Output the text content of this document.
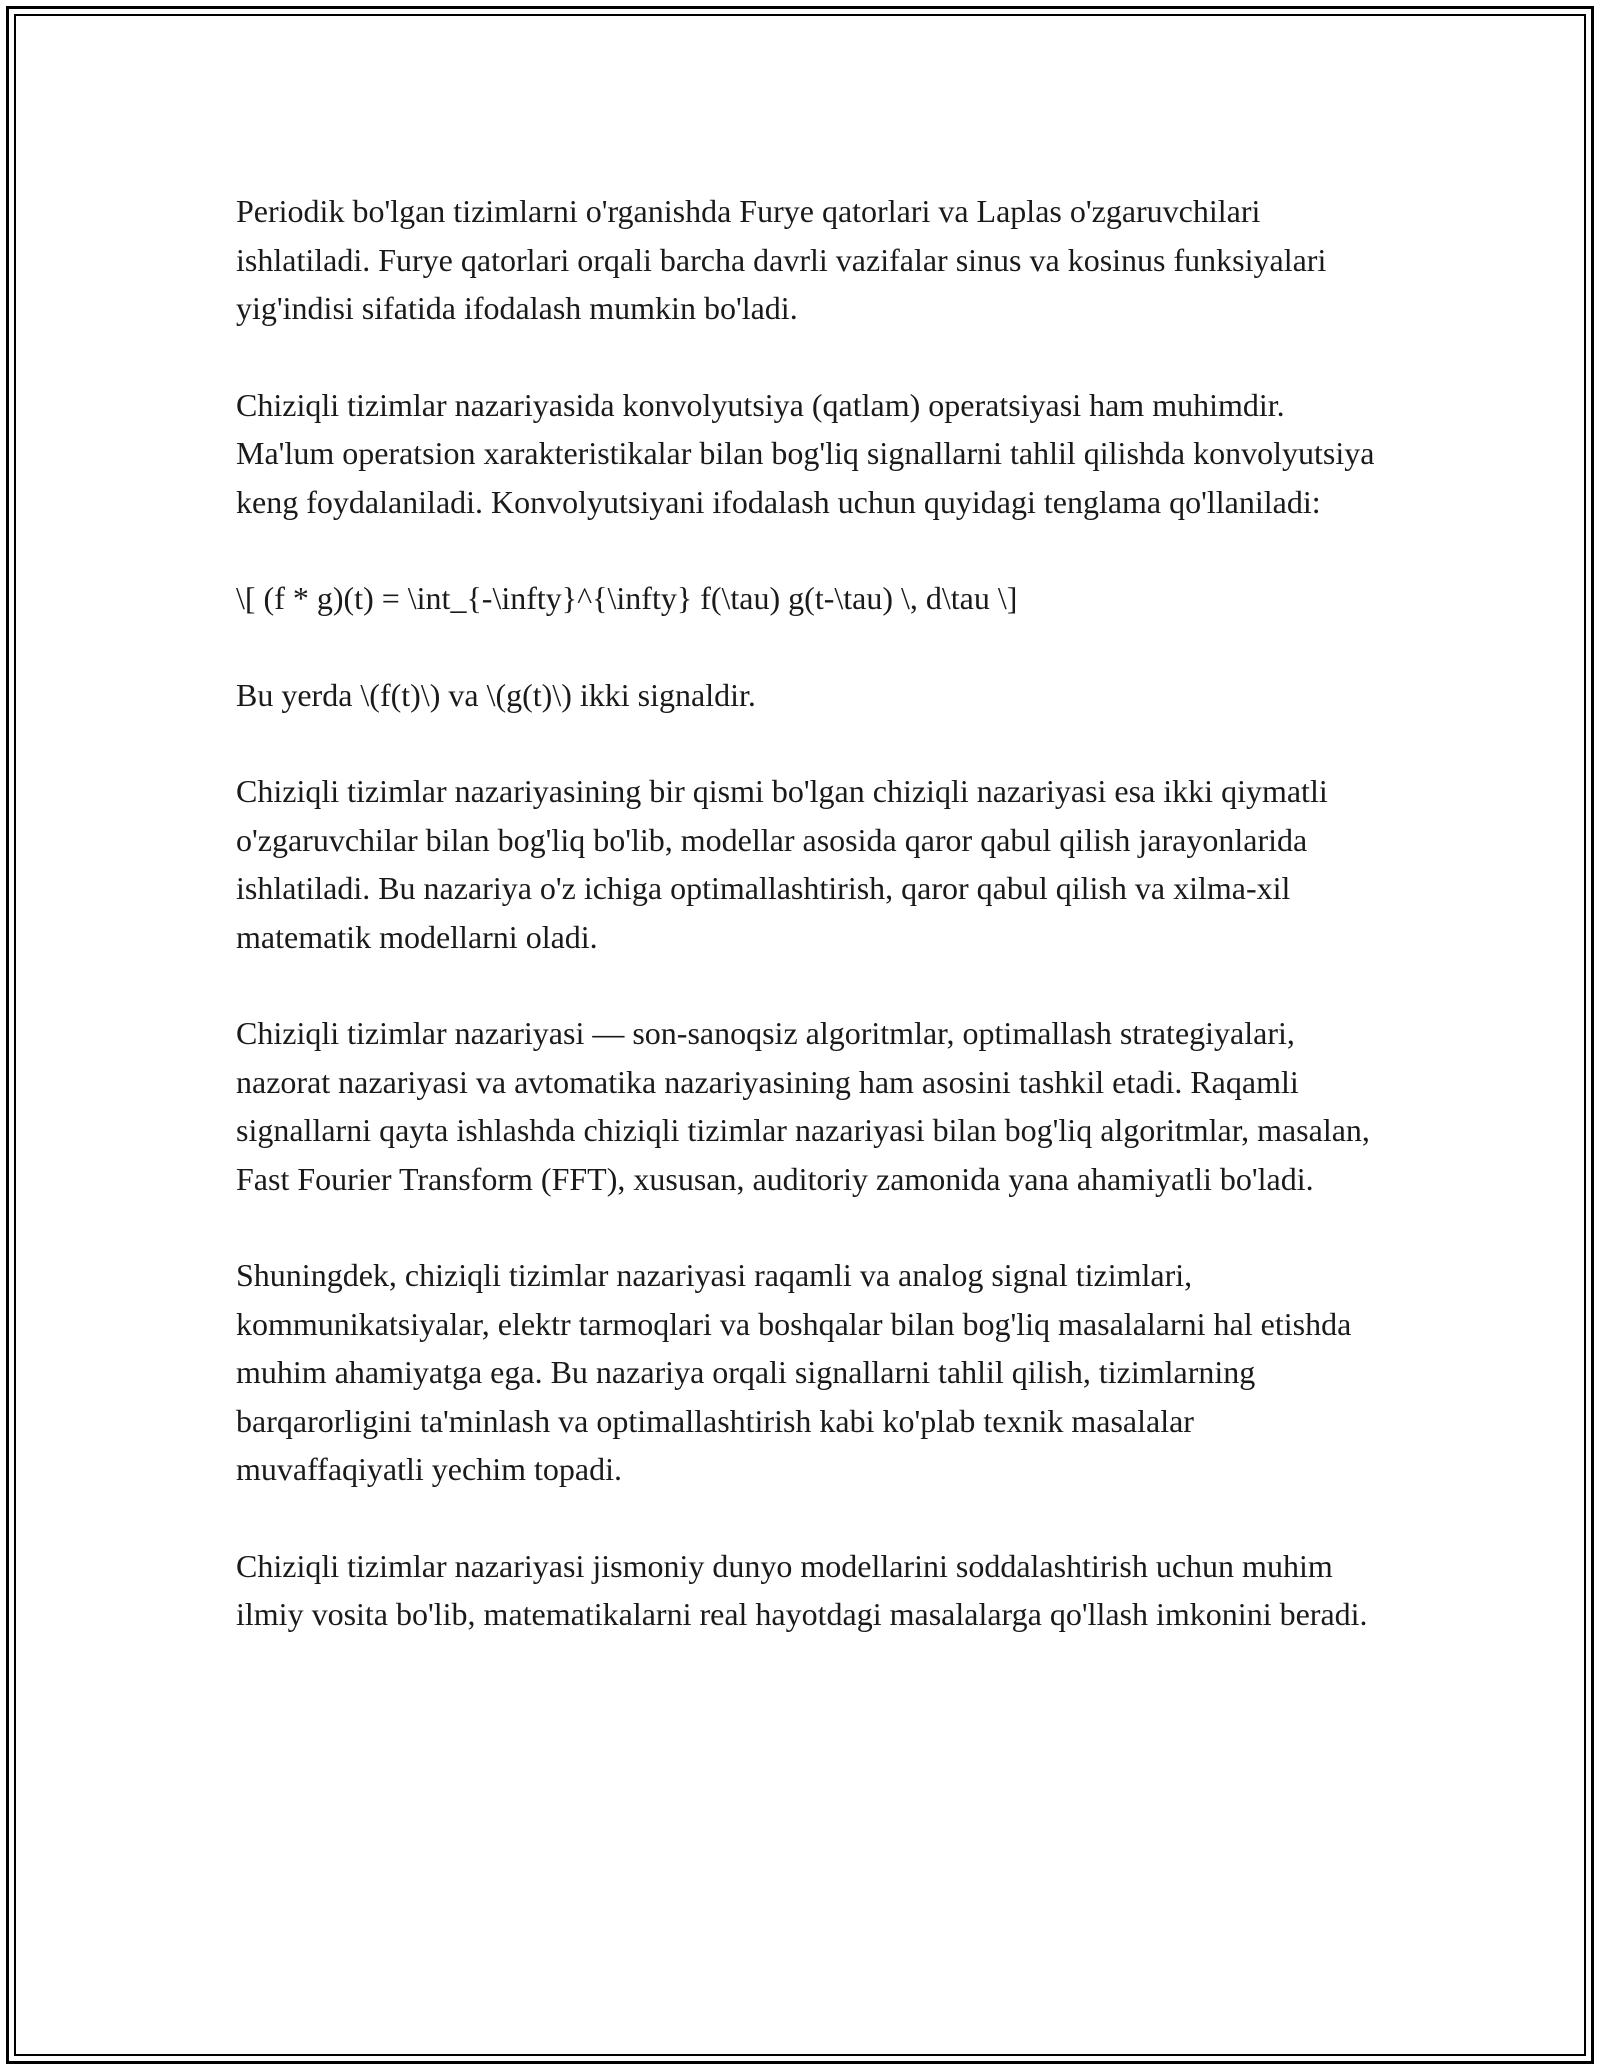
Periodik bo'lgan tizimlarni o'rganishda Furye qatorlari va Laplas o'zgaruvchilari ishlatiladi. Furye qatorlari orqali barcha davrli vazifalar sinus va kosinus funksiyalari yig'indisi sifatida ifodalash mumkin bo'ladi.

Chiziqli tizimlar nazariyasida konvolyutsiya (qatlam) operatsiyasi ham muhimdir. Ma'lum operatsion xarakteristikalar bilan bog'liq signallarni tahlil qilishda konvolyutsiya keng foydalaniladi. Konvolyutsiyani ifodalash uchun quyidagi tenglama qo'llaniladi:

\[ (f * g)(t) = \int_{-\infty}^{\infty} f(\tau) g(t-\tau) \, d\tau \]

Bu yerda \(f(t)\) va \(g(t)\) ikki signaldir.

Chiziqli tizimlar nazariyasining bir qismi bo'lgan chiziqli nazariyasi esa ikki qiymatli o'zgaruvchilar bilan bog'liq bo'lib, modellar asosida qaror qabul qilish jarayonlarida ishlatiladi. Bu nazariya o'z ichiga optimallashtirish, qaror qabul qilish va xilma-xil matematik modellarni oladi.

Chiziqli tizimlar nazariyasi — son-sanoqsiz algoritmlar, optimallash strategiyalari, nazorat nazariyasi va avtomatika nazariyasining ham asosini tashkil etadi. Raqamli signallarni qayta ishlashda chiziqli tizimlar nazariyasi bilan bog'liq algoritmlar, masalan, Fast Fourier Transform (FFT), xususan, auditoriy zamonida yana ahamiyatli bo'ladi.

Shuningdek, chiziqli tizimlar nazariyasi raqamli va analog signal tizimlari, kommunikatsiyalar, elektr tarmoqlari va boshqalar bilan bog'liq masalalarni hal etishda muhim ahamiyatga ega. Bu nazariya orqali signallarni tahlil qilish, tizimlarning barqarorligini ta'minlash va optimallashtirish kabi ko'plab texnik masalalar muvaffaqiyatli yechim topadi.

Chiziqli tizimlar nazariyasi jismoniy dunyo modellarini soddalashtirish uchun muhim ilmiy vosita bo'lib, matematikalarni real hayotdagi masalalarga qo'llash imkonini beradi.
